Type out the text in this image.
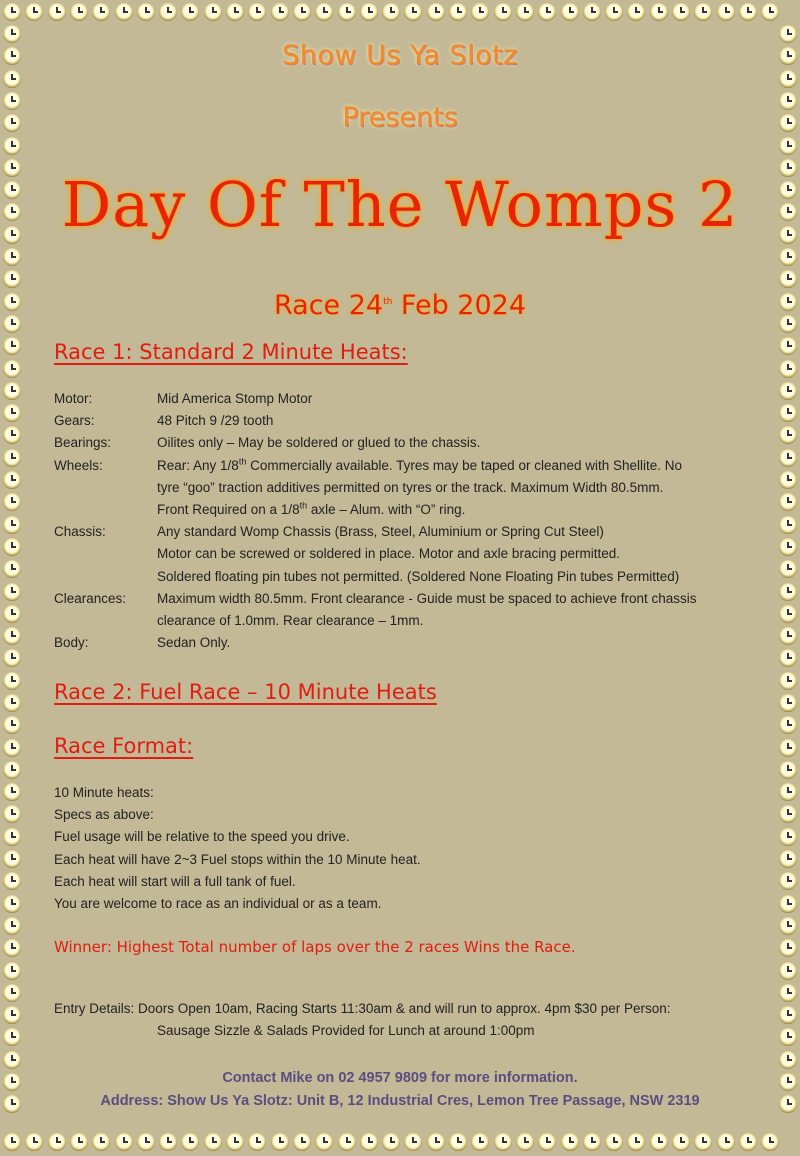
Show Us Ya Slotz
Presents
Day Of The Womps 2
Race 24th Feb 2024
Race 1: Standard 2 Minute Heats:
Motor:	Mid America Stomp Motor
Gears:	48 Pitch 9 /29 tooth
Bearings:	Oilites only – May be soldered or glued to the chassis.
Wheels:	Rear: Any 1/8th Commercially available. Tyres may be taped or cleaned with Shellite. No
tyre “goo” traction additives permitted on tyres or the track. Maximum Width 80.5mm.
Front Required on a 1/8th axle – Alum. with “O” ring.
Chassis:	Any standard Womp Chassis (Brass, Steel, Aluminium or Spring Cut Steel)
Motor can be screwed or soldered in place. Motor and axle bracing permitted.
Soldered floating pin tubes not permitted. (Soldered None Floating Pin tubes Permitted)
Clearances:	Maximum width 80.5mm. Front clearance - Guide must be spaced to achieve front chassis
clearance of 1.0mm. Rear clearance – 1mm.
Body:	Sedan Only.
Race 2: Fuel Race – 10 Minute Heats
Race Format:
10 Minute heats:
Specs as above:
Fuel usage will be relative to the speed you drive.
Each heat will have 2~3 Fuel stops within the 10 Minute heat.
Each heat will start will a full tank of fuel.
You are welcome to race as an individual or as a team.
Winner: Highest Total number of laps over the 2 races Wins the Race.
Entry Details: Doors Open 10am, Racing Starts 11:30am & and will run to approx. 4pm $30 per Person:
Sausage Sizzle & Salads Provided for Lunch at around 1:00pm
Contact Mike on 02 4957 9809 for more information.
Address: Show Us Ya Slotz: Unit B, 12 Industrial Cres, Lemon Tree Passage, NSW 2319
